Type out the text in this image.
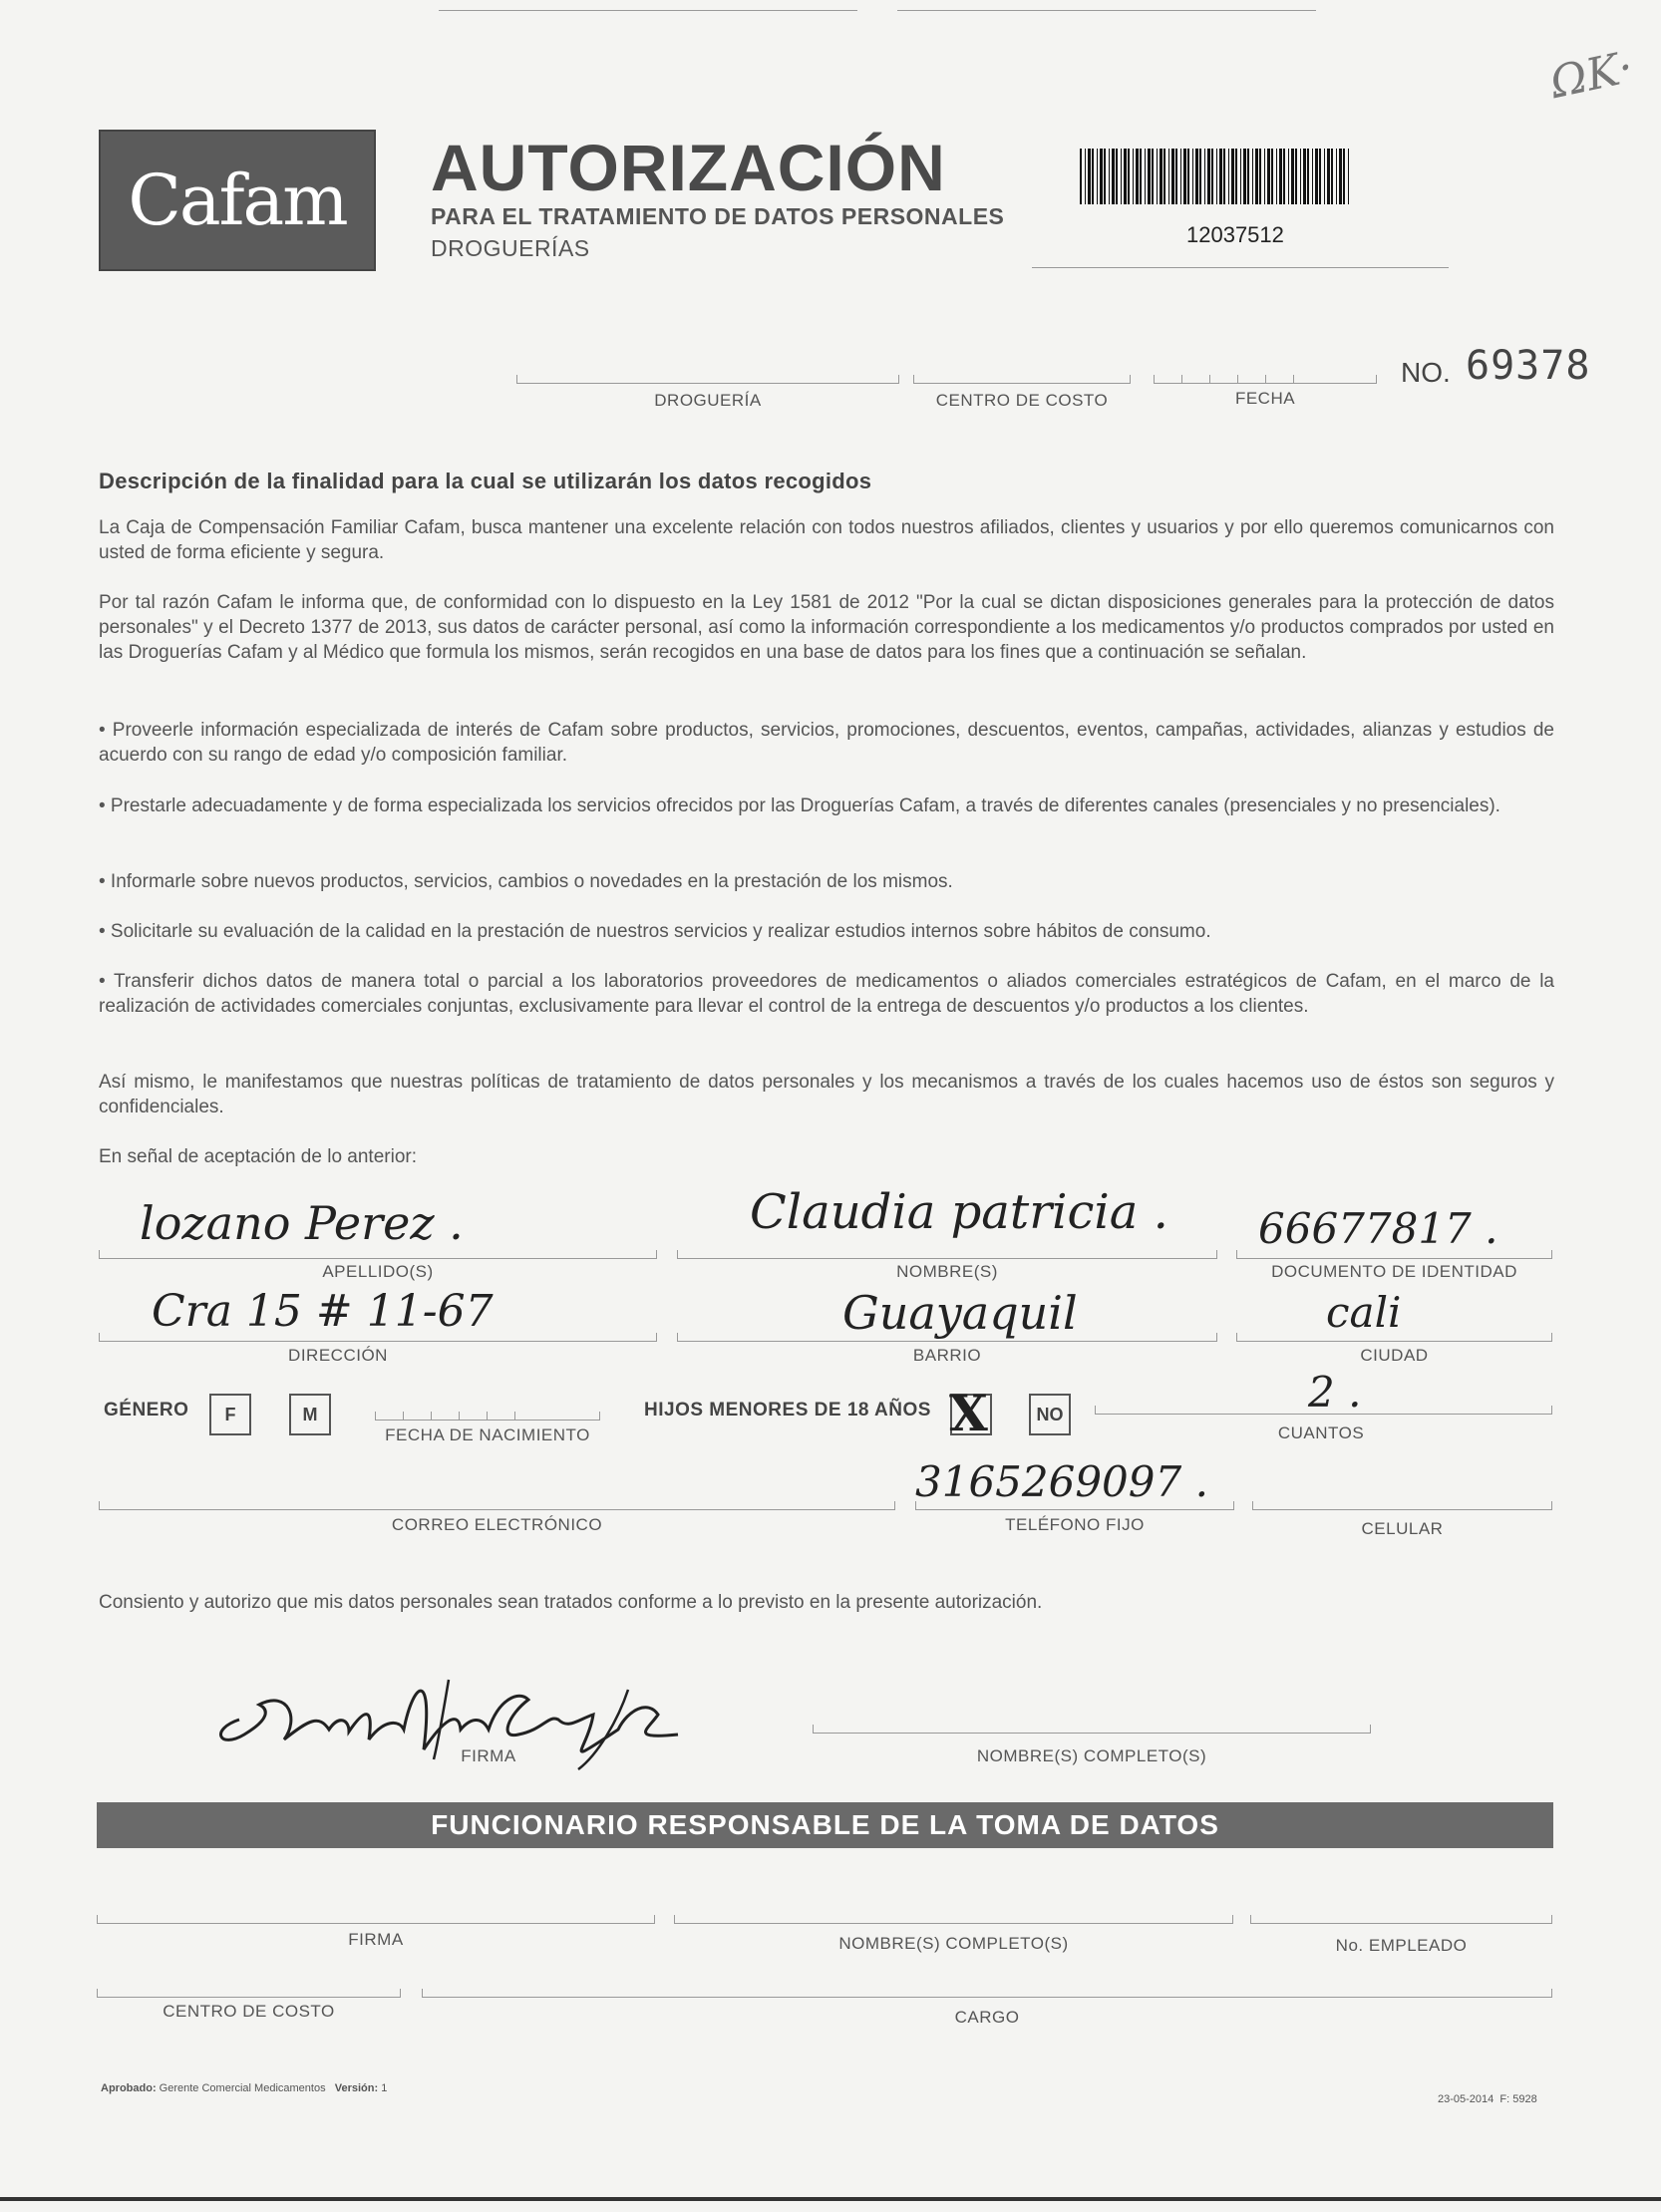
Cafam	AUTORIZACIÓN
PARA EL TRATAMIENTO DE DATOS PERSONALES
DROGUERÍAS
12037512
ΩΚ·
DROGUERÍA	CENTRO DE COSTO	FECHA
NO. 69378
Descripción de la finalidad para la cual se utilizarán los datos recogidos
La Caja de Compensación Familiar Cafam, busca mantener una excelente relación con todos nuestros afiliados, clientes y usuarios y por ello queremos comunicarnos con usted de forma eficiente y segura.
Por tal razón Cafam le informa que, de conformidad con lo dispuesto en la Ley 1581 de 2012 "Por la cual se dictan disposiciones generales para la protección de datos personales" y el Decreto 1377 de 2013, sus datos de carácter personal, así como la información correspondiente a los medicamentos y/o productos comprados por usted en las Droguerías Cafam y al Médico que formula los mismos, serán recogidos en una base de datos para los fines que a continuación se señalan.
• Proveerle información especializada de interés de Cafam sobre productos, servicios, promociones, descuentos, eventos, campañas, actividades, alianzas y estudios de acuerdo con su rango de edad y/o composición familiar.
• Prestarle adecuadamente y de forma especializada los servicios ofrecidos por las Droguerías Cafam, a través de diferentes canales (presenciales y no presenciales).
• Informarle sobre nuevos productos, servicios, cambios o novedades en la prestación de los mismos.
• Solicitarle su evaluación de la calidad en la prestación de nuestros servicios y realizar estudios internos sobre hábitos de consumo.
• Transferir dichos datos de manera total o parcial a los laboratorios proveedores de medicamentos o aliados comerciales estratégicos de Cafam, en el marco de la realización de actividades comerciales conjuntas, exclusivamente para llevar el control de la entrega de descuentos y/o productos a los clientes.
Así mismo, le manifestamos que nuestras políticas de tratamiento de datos personales y los mecanismos a través de los cuales hacemos uso de éstos son seguros y confidenciales.
En señal de aceptación de lo anterior:
lozano Perez .
APELLIDO(S)
Claudia patricia .
NOMBRE(S)
66677817 .
DOCUMENTO DE IDENTIDAD
Cra 15 # 11-67
DIRECCIÓN
Guayaquil
BARRIO
cali
CIUDAD
GÉNERO	F	M
FECHA DE NACIMIENTO
HIJOS MENORES DE 18 AÑOS X	NO	2 .
CUANTOS
CORREO ELECTRÓNICO
3165269097 .
TELÉFONO FIJO	CELULAR
Consiento y autorizo que mis datos personales sean tratados conforme a lo previsto en la presente autorización.
FIRMA	NOMBRE(S) COMPLETO(S)
FUNCIONARIO RESPONSABLE DE LA TOMA DE DATOS
FIRMA	NOMBRE(S) COMPLETO(S)	No. EMPLEADO
CENTRO DE COSTO	CARGO
Aprobado: Gerente Comercial Medicamentos Versión: 1
23-05-2014 F: 5928
